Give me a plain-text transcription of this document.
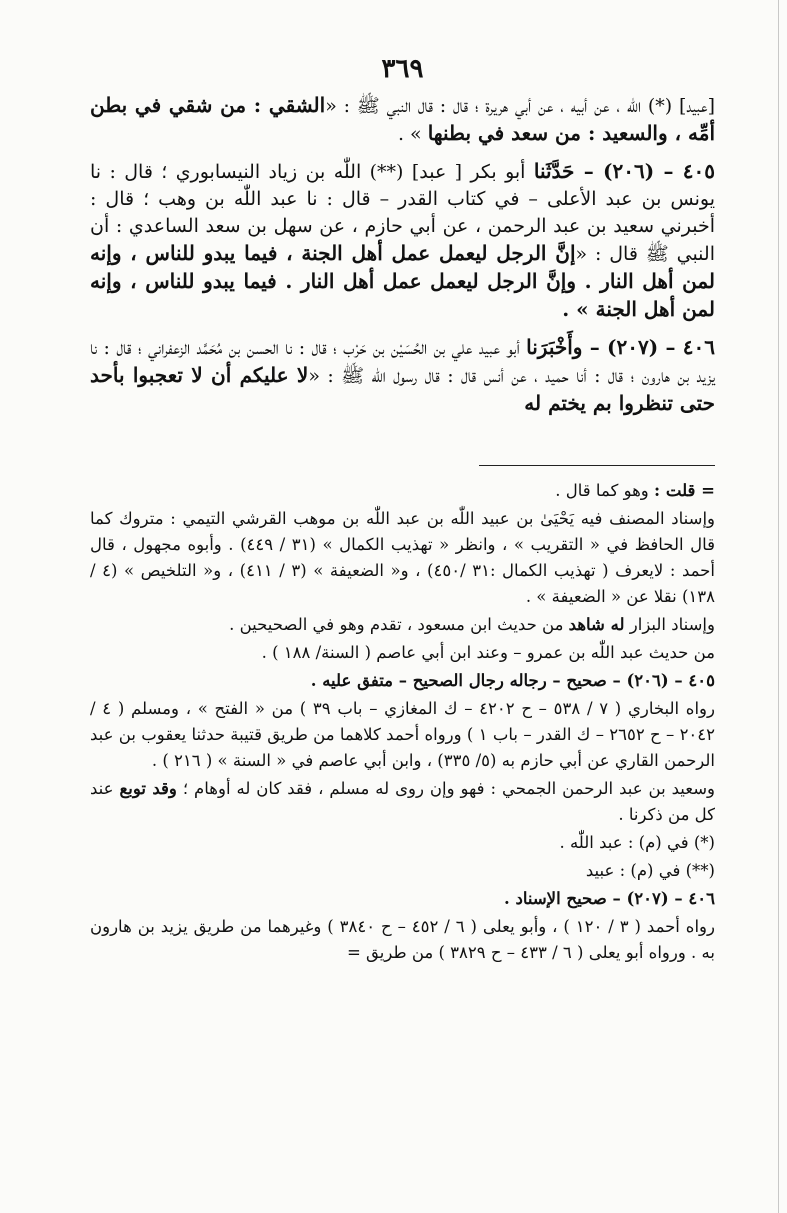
٣٦٩

[عبيد] (*) اللّٰه ، عن أبيه ، عن أبي هريرة ؛ قال : قال النبي ﷺ : «الشقي : من شقي في بطن أمِّه ، والسعيد : من سعد في بطنها » .

٤٠٥ – (٢٠٦) – حَدَّثَنا أبو بكر [ عبد] (**) اللّٰه بن زياد النيسابوري ؛ قال : نا يونس بن عبد الأعلى – في كتاب القدر – قال : نا عبد اللّٰه بن وهب ؛ قال : أخبرني سعيد بن عبد الرحمن ، عن أبي حازم ، عن سهل بن سعد الساعدي : أن النبي ﷺ قال : «إنَّ الرجل ليعمل عمل أهل الجنة ، فيما يبدو للناس ، وإنه لمن أهل النار . وإنَّ الرجل ليعمل عمل أهل النار . فيما يبدو للناس ، وإنه لمن أهل الجنة » .

٤٠٦ – (٢٠٧) – وأَخْبَرَنا أبو عبيد علي بن الحُسَيْن بن حَرْب ؛ قال : نا الحسن بن مُحَمَّد الزعفراني ؛ قال : نا يزيد بن هارون ؛ قال : أنا حميد ، عن أنس قال : قال رسول اللّٰه ﷺ : «لا عليكم أن لا تعجبوا بأحد حتى تنظروا بم يختم له

= قلت : وهو كما قال .

وإسناد المصنف فيه يَحْيَىٰ بن عبيد اللّٰه بن عبد اللّٰه بن موهب القرشي التيمي : متروك كما قال الحافظ في « التقريب » ، وانظر « تهذيب الكمال » (٣١ / ٤٤٩) . وأبوه مجهول ، قال أحمد : لايعرف ( تهذيب الكمال :٣١ /٤٥٠) ، و« الضعيفة » (٣ / ٤١١) ، و« التلخيص » (٤ / ١٣٨) نقلا عن « الضعيفة » .

وإسناد البزار له شاهد من حديث ابن مسعود ، تقدم وهو في الصحيحين .

من حديث عبد اللّٰه بن عمرو – وعند ابن أبي عاصم ( السنة/ ١٨٨ ) .

٤٠٥ – (٢٠٦) – صحيح – رجاله رجال الصحيح – متفق عليه .

رواه البخاري ( ٧ / ٥٣٨ – ح ٤٢٠٢ – ك المغازي – باب ٣٩ ) من « الفتح » ، ومسلم ( ٤ / ٢٠٤٢ – ح ٢٦٥٢ – ك القدر – باب ١ ) ورواه أحمد كلاهما من طريق قتيبة حدثنا يعقوب بن عبد الرحمن القاري عن أبي حازم به (٥/ ٣٣٥) ، وابن أبي عاصم في « السنة » ( ٢١٦ ) .

وسعيد بن عبد الرحمن الجمحي : فهو وإن روى له مسلم ، فقد كان له أوهام ؛ وقد توبع عند كل من ذكرنا .

(*) في (م) : عبد اللّٰه .

(**) في (م) : عبيد

٤٠٦ – (٢٠٧) – صحيح الإسناد .

رواه أحمد ( ٣ / ١٢٠ ) ، وأبو يعلى ( ٦ / ٤٥٢ – ح ٣٨٤٠ ) وغيرهما من طريق يزيد بن هارون به . ورواه أبو يعلى ( ٦ / ٤٣٣ – ح ٣٨٢٩ ) من طريق =
